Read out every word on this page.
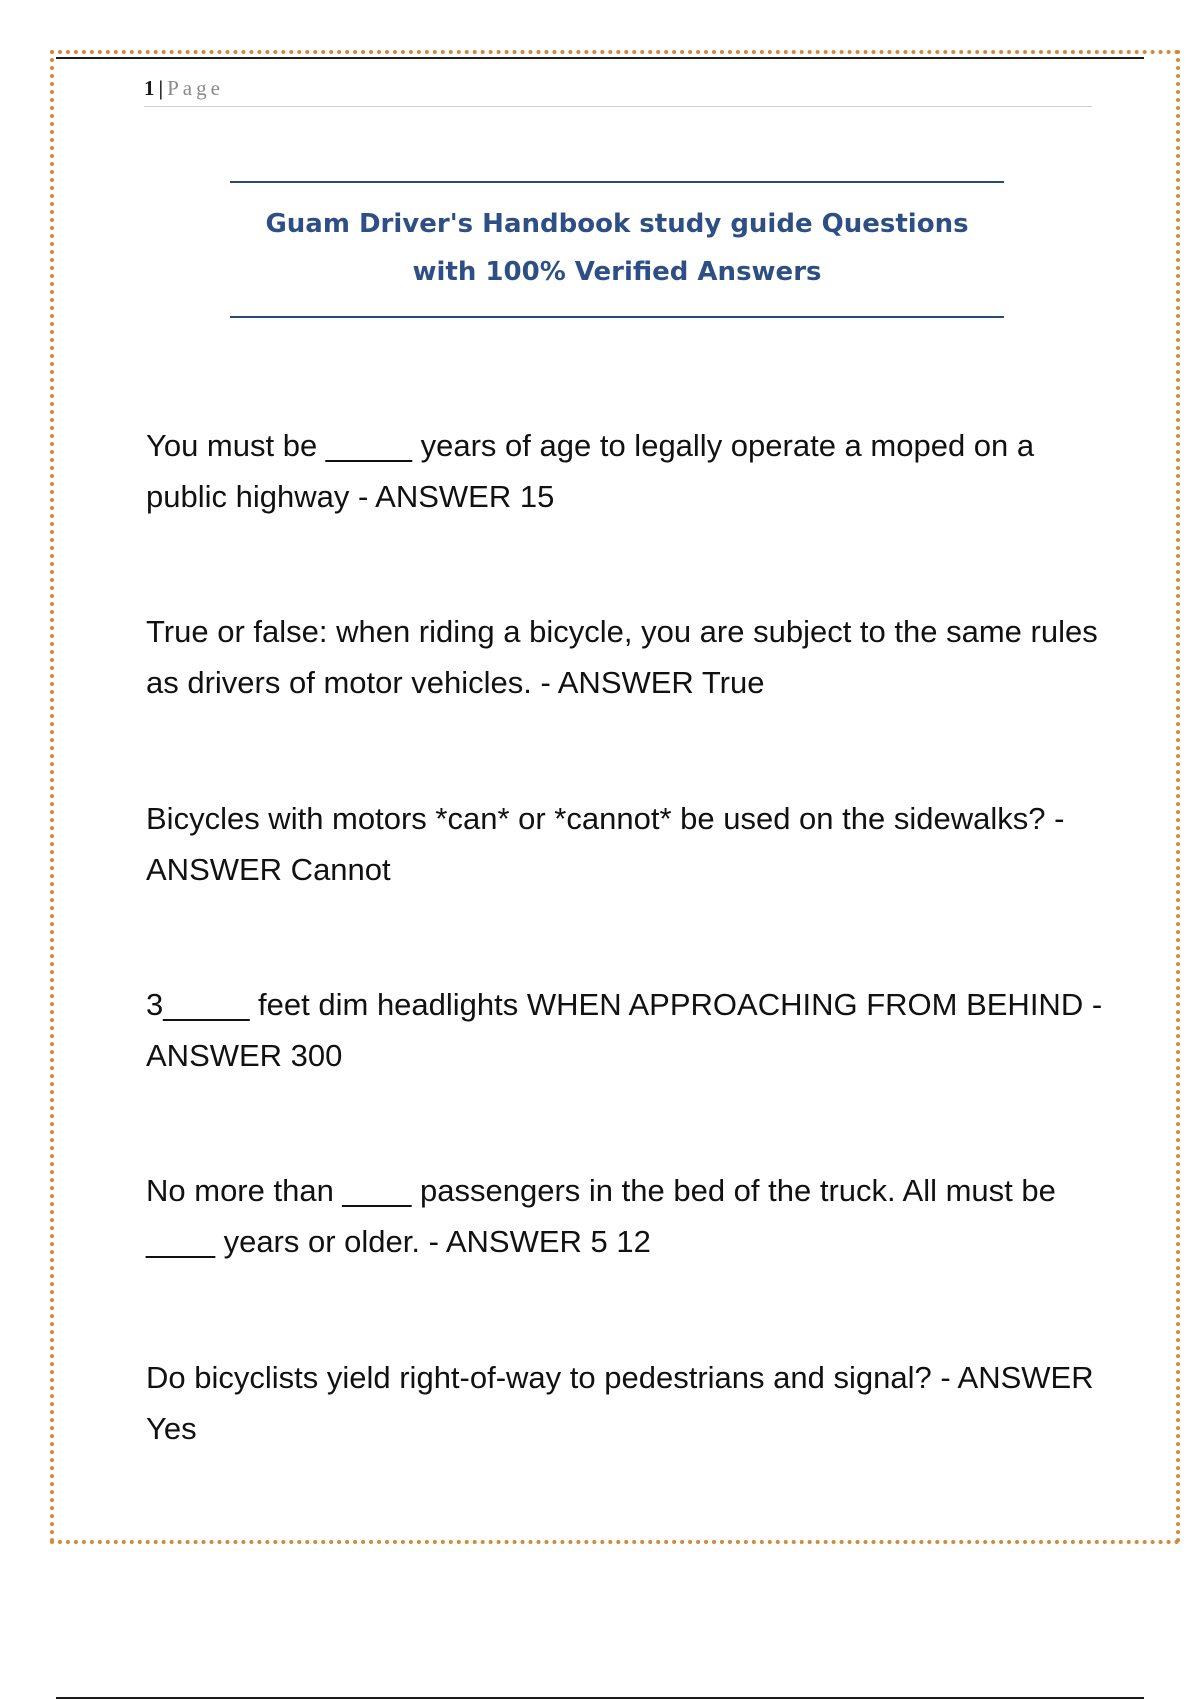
1 | Page
Guam Driver's Handbook study guide Questions
with 100% Verified Answers

You must be _____ years of age to legally operate a moped on a public highway - ANSWER 15

True or false: when riding a bicycle, you are subject to the same rules as drivers of motor vehicles. - ANSWER True

Bicycles with motors *can* or *cannot* be used on the sidewalks? - ANSWER Cannot

3_____ feet dim headlights WHEN APPROACHING FROM BEHIND - ANSWER 300

No more than ____ passengers in the bed of the truck. All must be ____ years or older. - ANSWER 5 12

Do bicyclists yield right-of-way to pedestrians and signal? - ANSWER Yes
